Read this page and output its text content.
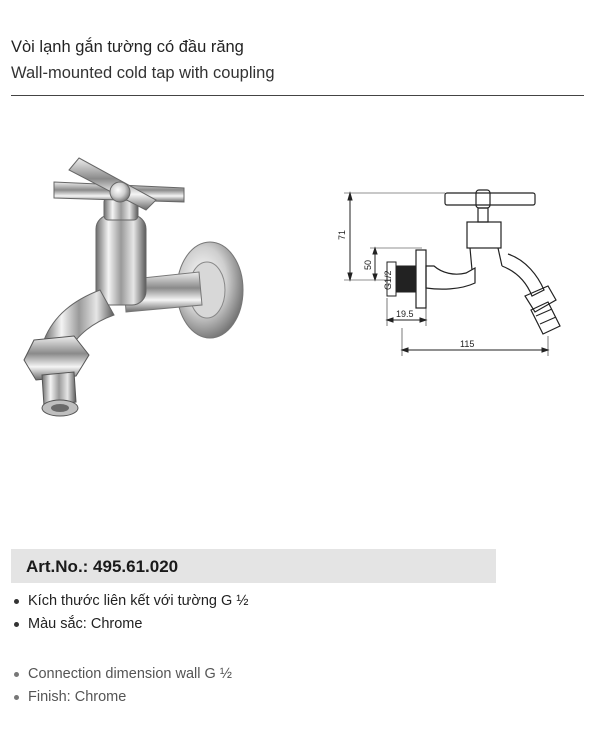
Vòi lạnh gắn tường có đầu răng
Wall-mounted cold tap with coupling
71
50
G1/2
19.5
115
Art.No.: 495.61.020
Kích thước liên kết với tường G ½
Màu sắc: Chrome
Connection dimension wall G ½
Finish: Chrome
